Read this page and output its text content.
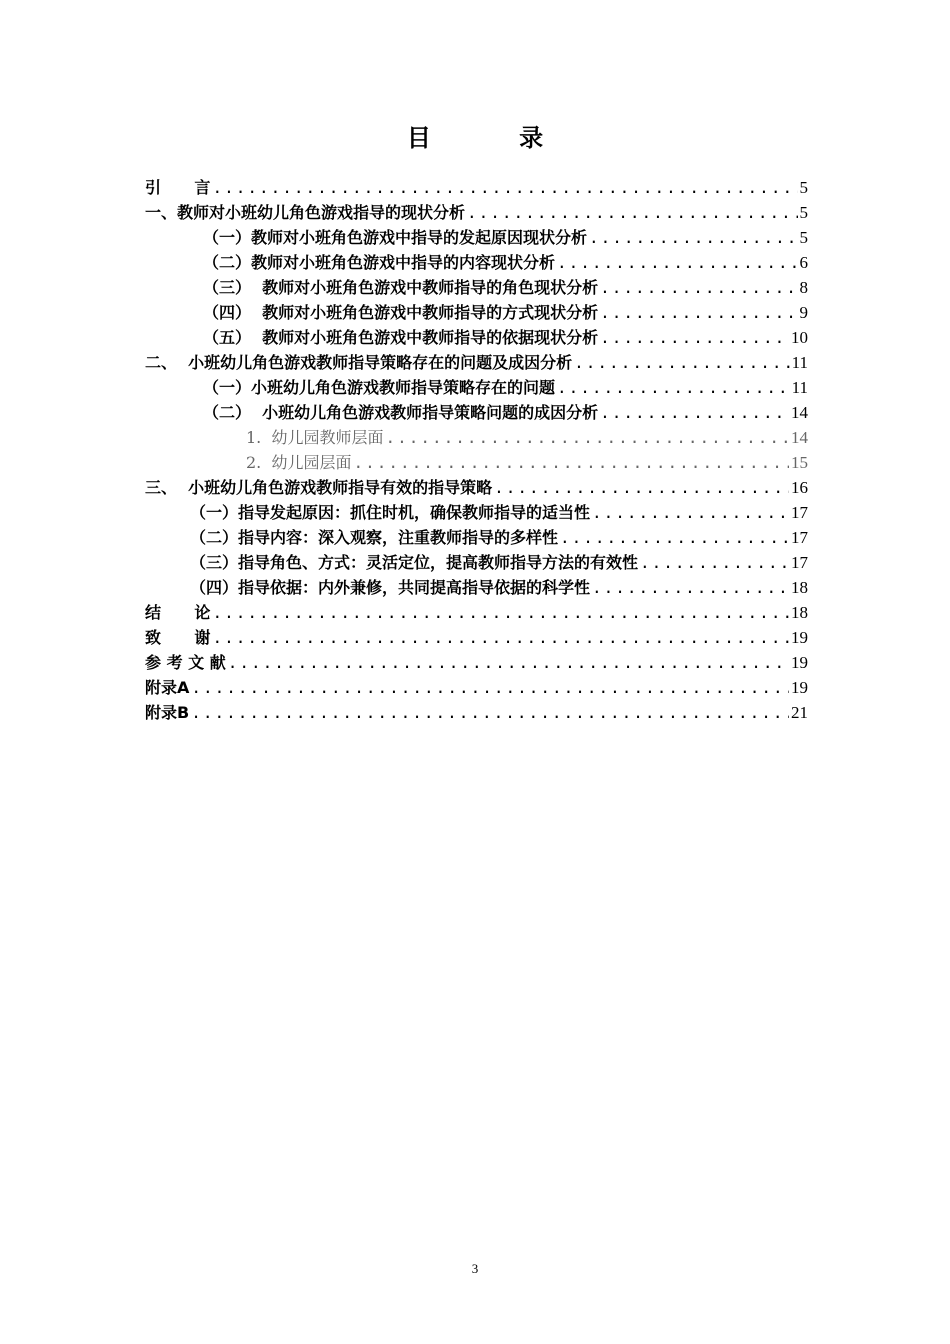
目 录
引      言 .....	5
一、教师对小班幼儿角色游戏指导的现状分析 .....	5
（一）教师对小班角色游戏中指导的发起原因现状分析 .....	5
（二）教师对小班角色游戏中指导的内容现状分析 .....	6
（三）  教师对小班角色游戏中教师指导的角色现状分析 .....	8
（四）  教师对小班角色游戏中教师指导的方式现状分析 .....	9
（五）  教师对小班角色游戏中教师指导的依据现状分析 .....	10
二、  小班幼儿角色游戏教师指导策略存在的问题及成因分析 .....	11
（一）小班幼儿角色游戏教师指导策略存在的问题 .....	11
（二）  小班幼儿角色游戏教师指导策略问题的成因分析 .....	14
1.  幼儿园教师层面 .....	14
2.  幼儿园层面 .....	15
三、  小班幼儿角色游戏教师指导有效的指导策略 .....	16
（一）指导发起原因：抓住时机，确保教师指导的适当性 .....	17
（二）指导内容：深入观察，注重教师指导的多样性 .....	17
（三）指导角色、方式：灵活定位，提高教师指导方法的有效性 .....	17
（四）指导依据：内外兼修，共同提高指导依据的科学性 .....	18
结      论 .....	18
致      谢 .....	19
参 考 文 献 .....	19
附录A .....	19
附录B .....	21
3
